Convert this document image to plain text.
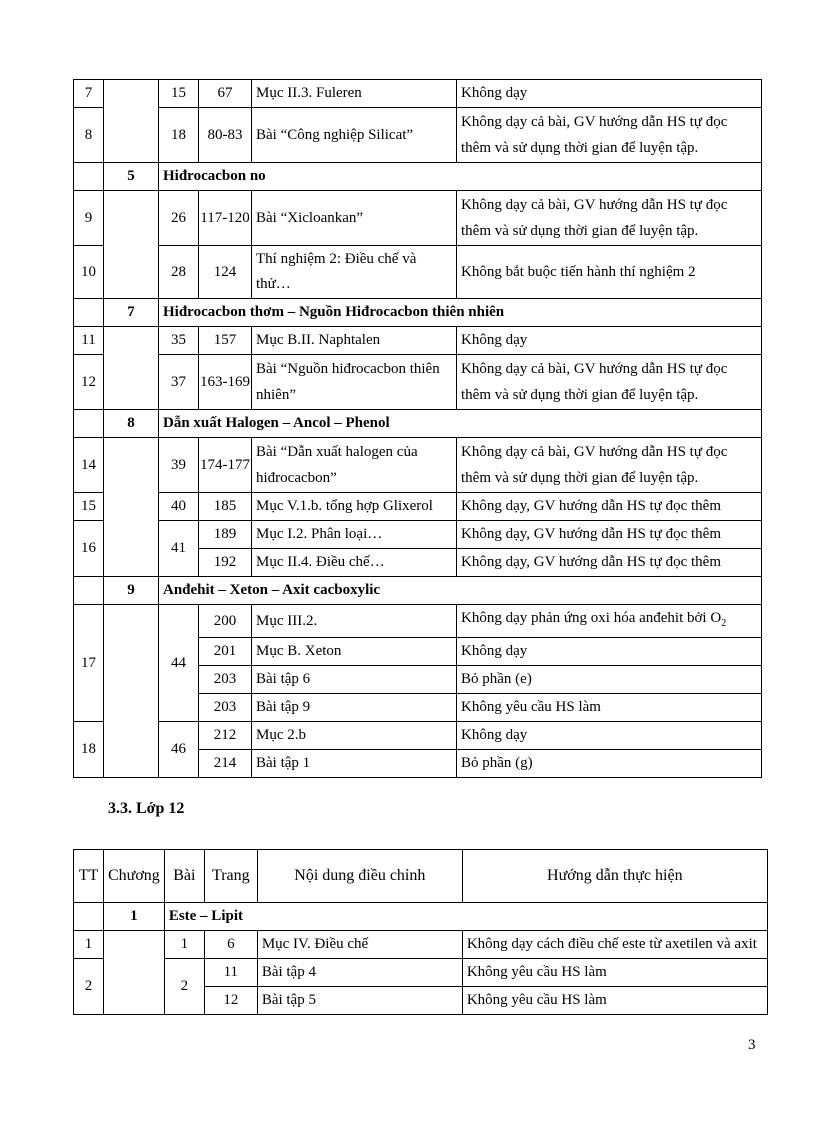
7		15	67	Mục II.3. Fuleren	Không dạy
8		18	80-83	Bài “Công nghiệp Silicat”	Không dạy cả bài, GV hướng dẫn HS tự đọc thêm và sử dụng thời gian để luyện tập.
	5	Hiđrocacbon no			
9		26	117-120	Bài “Xicloankan”	Không dạy cả bài, GV hướng dẫn HS tự đọc thêm và sử dụng thời gian để luyện tập.
10		28	124	Thí nghiệm 2: Điều chế và thử…	Không bắt buộc tiến hành thí nghiệm 2
	7	Hiđrocacbon thơm – Nguồn Hiđrocacbon thiên nhiên			
11		35	157	Mục B.II. Naphtalen	Không dạy
12		37	163-169	Bài “Nguồn hiđrocacbon thiên nhiên”	Không dạy cả bài, GV hướng dẫn HS tự đọc thêm và sử dụng thời gian để luyện tập.
	8	Dẫn xuất Halogen – Ancol – Phenol			
14		39	174-177	Bài “Dẫn xuất halogen của hiđrocacbon”	Không dạy cả bài, GV hướng dẫn HS tự đọc thêm và sử dụng thời gian để luyện tập.
15		40	185	Mục V.1.b. tổng hợp Glixerol	Không dạy, GV hướng dẫn HS tự đọc thêm
16		41	189	Mục I.2. Phân loại…	Không dạy, GV hướng dẫn HS tự đọc thêm
			192	Mục II.4. Điều chế…	Không dạy, GV hướng dẫn HS tự đọc thêm
	9	Anđehit – Xeton – Axit cacboxylic			
17		44	200	Mục III.2.	Không dạy phản ứng oxi hóa anđehit bởi $O_2$
			201	Mục B. Xeton	Không dạy
			203	Bài tập 6	Bỏ phần (e)
			203	Bài tập 9	Không yêu cầu HS làm
18		46	212	Mục 2.b	Không dạy
			214	Bài tập 1	Bỏ phần (g)
3.3. Lớp 12
TT	Chương	Bài	Trang	Nội dung điều chỉnh	Hướng dẫn thực hiện
	1	Este – Lipit			
1		1	6	Mục IV. Điều chế	Không dạy cách điều chế este từ axetilen và axit
2		2	11	Bài tập 4	Không yêu cầu HS làm
			12	Bài tập 5	Không yêu cầu HS làm
3
